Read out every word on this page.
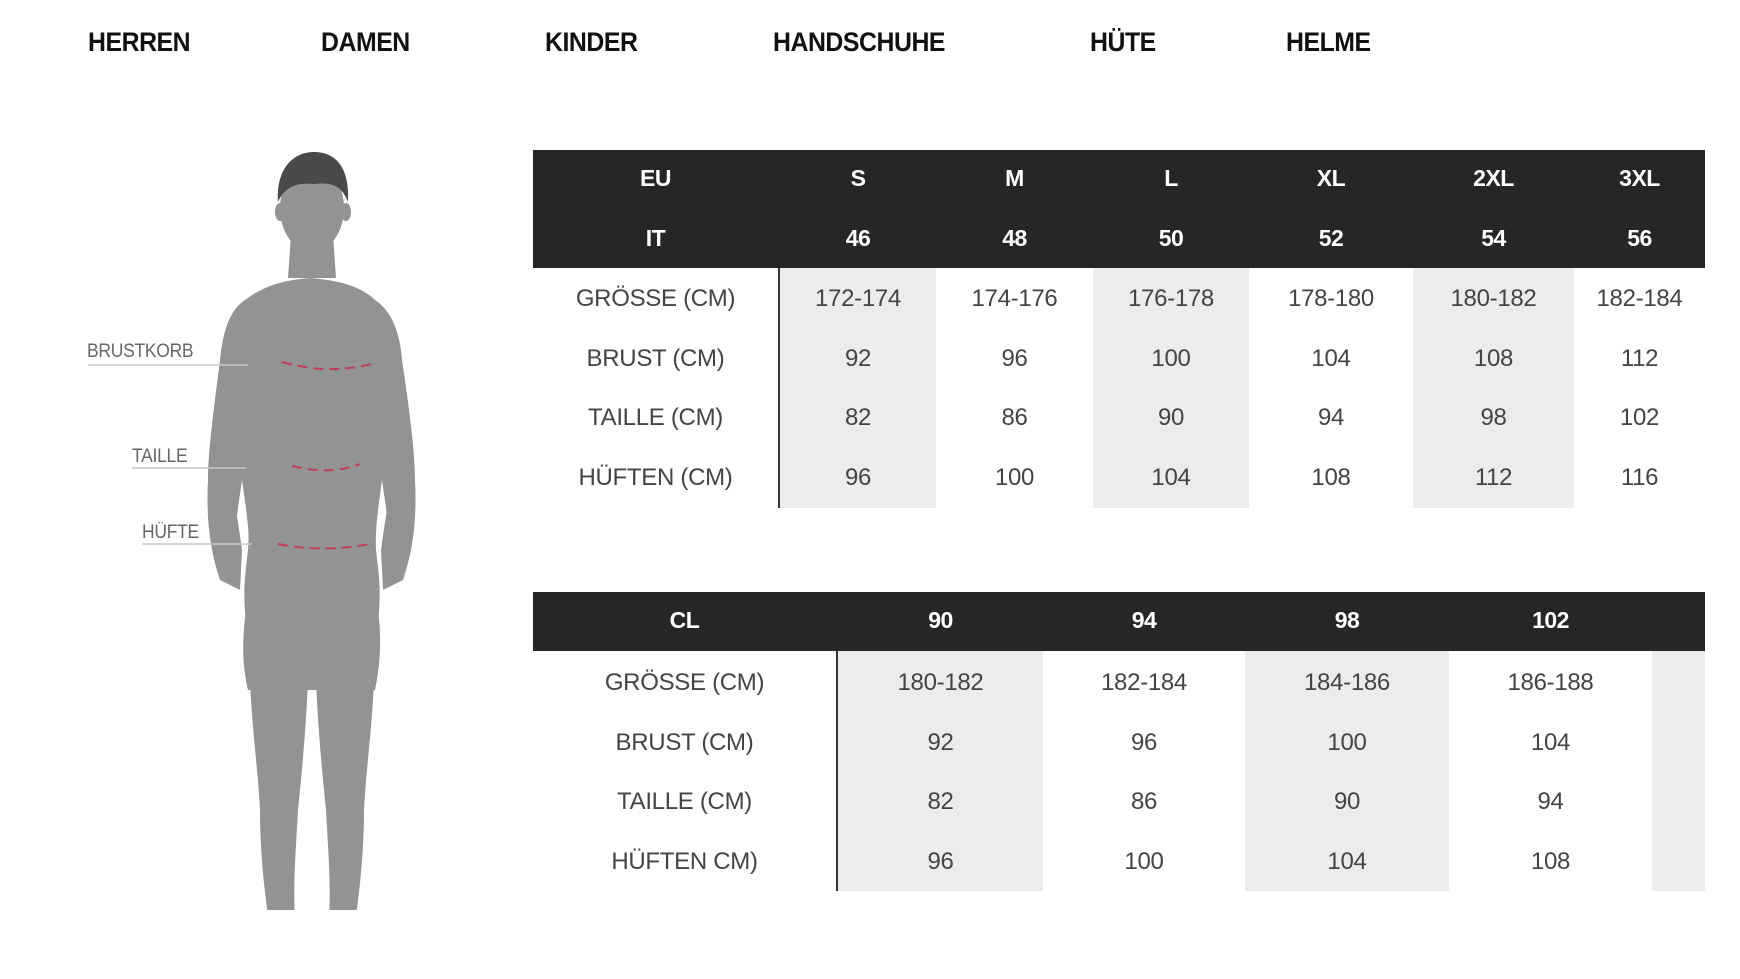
HERREN	DAMEN	KINDER	HANDSCHUHE	HÜTE	HELME
BRUSTKORB
TAILLE
HÜFTE
EU	S	M	L	XL	2XL	3XL
IT	46	48	50	52	54	56
GRÖSSE (CM)	172-174	174-176	176-178	178-180	180-182	182-184
BRUST (CM)	92	96	100	104	108	112
TAILLE (CM)	82	86	90	94	98	102
HÜFTEN (CM)	96	100	104	108	112	116
CL	90	94	98	102
GRÖSSE (CM)	180-182	182-184	184-186	186-188
BRUST (CM)	92	96	100	104
TAILLE (CM)	82	86	90	94
HÜFTEN CM)	96	100	104	108
